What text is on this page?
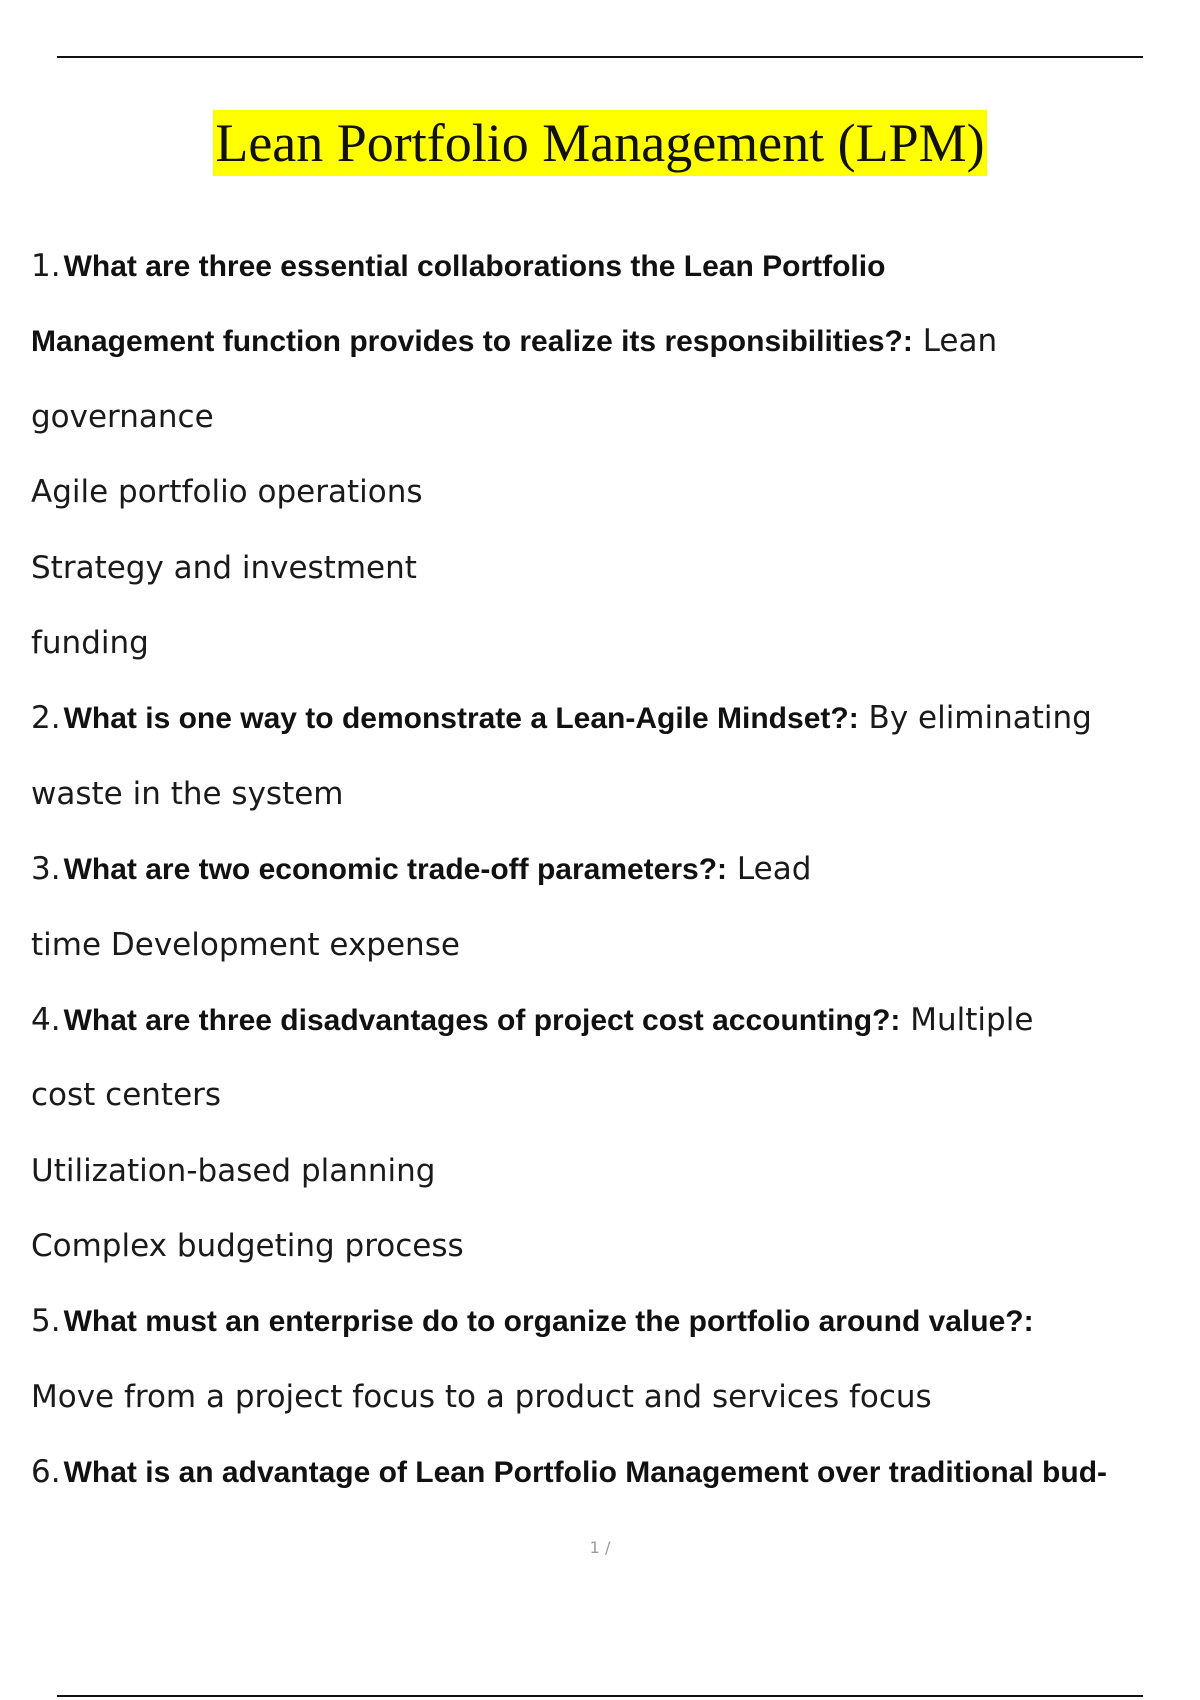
Lean Portfolio Management (LPM)
1. What are three essential collaborations the Lean Portfolio
Management function provides to realize its responsibilities?: Lean
governance
Agile portfolio operations
Strategy and investment
funding
2. What is one way to demonstrate a Lean-Agile Mindset?: By eliminating
waste in the system
3. What are two economic trade-off parameters?: Lead
time Development expense
4. What are three disadvantages of project cost accounting?: Multiple
cost centers
Utilization-based planning
Complex budgeting process
5. What must an enterprise do to organize the portfolio around value?:
Move from a project focus to a product and services focus
6. What is an advantage of Lean Portfolio Management over traditional bud-
1 /
